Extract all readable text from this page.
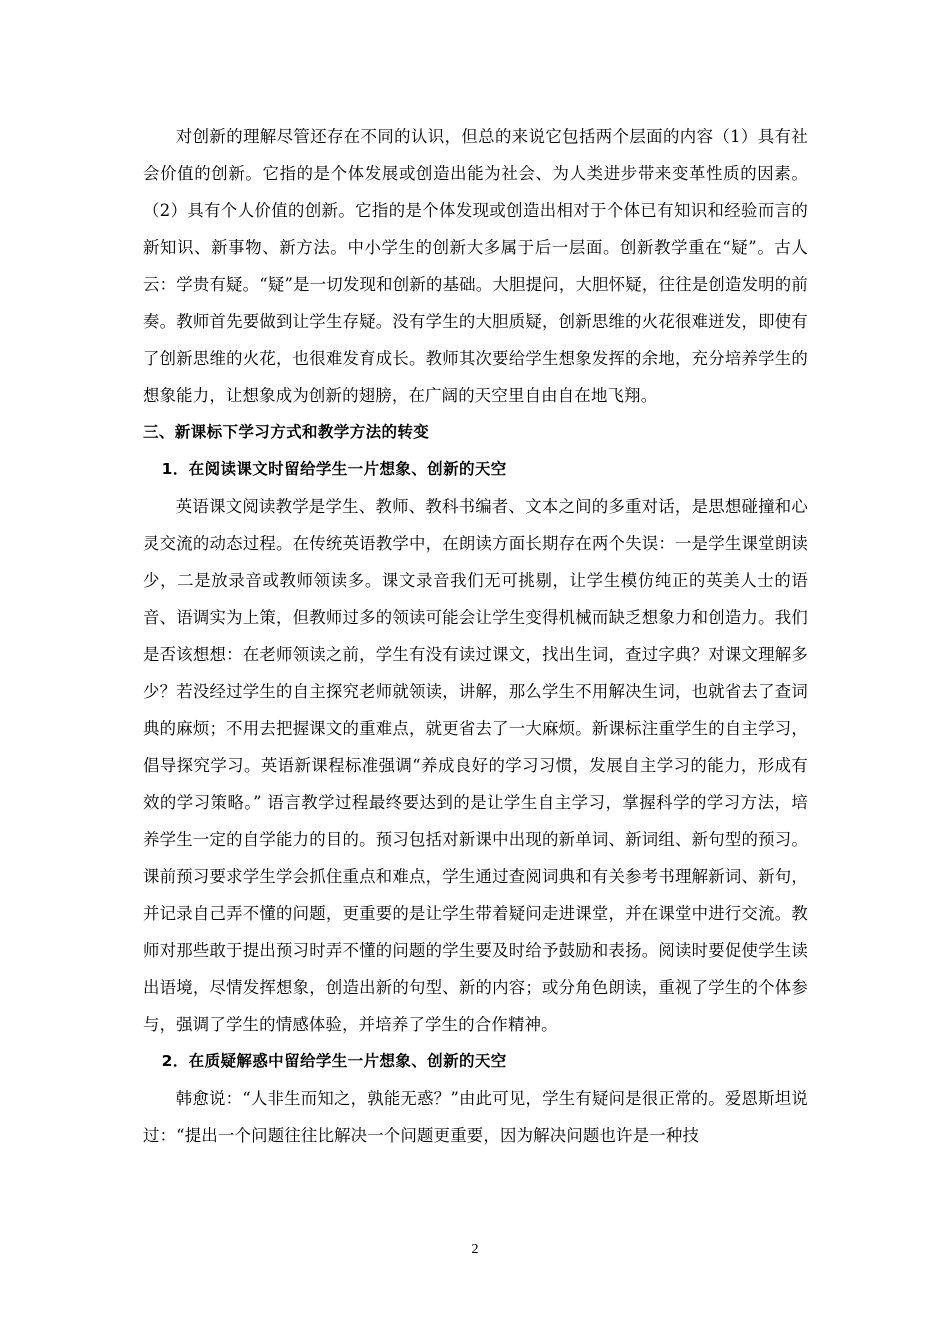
对创新的理解尽管还存在不同的认识，但总的来说它包括两个层面的内容（1）具有社会价值的创新。它指的是个体发展或创造出能为社会、为人类进步带来变革性质的因素。（2）具有个人价值的创新。它指的是个体发现或创造出相对于个体已有知识和经验而言的新知识、新事物、新方法。中小学生的创新大多属于后一层面。创新教学重在“疑”。古人云：学贵有疑。“疑”是一切发现和创新的基础。大胆提问，大胆怀疑，往往是创造发明的前奏。教师首先要做到让学生存疑。没有学生的大胆质疑，创新思维的火花很难迸发，即使有了创新思维的火花，也很难发育成长。教师其次要给学生想象发挥的余地，充分培养学生的想象能力，让想象成为创新的翅膀，在广阔的天空里自由自在地飞翔。

三、新课标下学习方式和教学方法的转变

1．在阅读课文时留给学生一片想象、创新的天空

英语课文阅读教学是学生、教师、教科书编者、文本之间的多重对话，是思想碰撞和心灵交流的动态过程。在传统英语教学中，在朗读方面长期存在两个失误：一是学生课堂朗读少，二是放录音或教师领读多。课文录音我们无可挑剔，让学生模仿纯正的英美人士的语音、语调实为上策，但教师过多的领读可能会让学生变得机械而缺乏想象力和创造力。我们是否该想想：在老师领读之前，学生有没有读过课文，找出生词，查过字典？对课文理解多少？若没经过学生的自主探究老师就领读，讲解，那么学生不用解决生词，也就省去了查词典的麻烦；不用去把握课文的重难点，就更省去了一大麻烦。新课标注重学生的自主学习，倡导探究学习。英语新课程标准强调“养成良好的学习习惯，发展自主学习的能力，形成有效的学习策略。” 语言教学过程最终要达到的是让学生自主学习，掌握科学的学习方法，培养学生一定的自学能力的目的。预习包括对新课中出现的新单词、新词组、新句型的预习。课前预习要求学生学会抓住重点和难点，学生通过查阅词典和有关参考书理解新词、新句，并记录自己弄不懂的问题，更重要的是让学生带着疑问走进课堂，并在课堂中进行交流。教师对那些敢于提出预习时弄不懂的问题的学生要及时给予鼓励和表扬。阅读时要促使学生读出语境，尽情发挥想象，创造出新的句型、新的内容；或分角色朗读，重视了学生的个体参与，强调了学生的情感体验，并培养了学生的合作精神。

2．在质疑解惑中留给学生一片想象、创新的天空

韩愈说：“人非生而知之，孰能无惑？”由此可见，学生有疑问是很正常的。爱恩斯坦说过：“提出一个问题往往比解决一个问题更重要，因为解决问题也许是一种技

2
